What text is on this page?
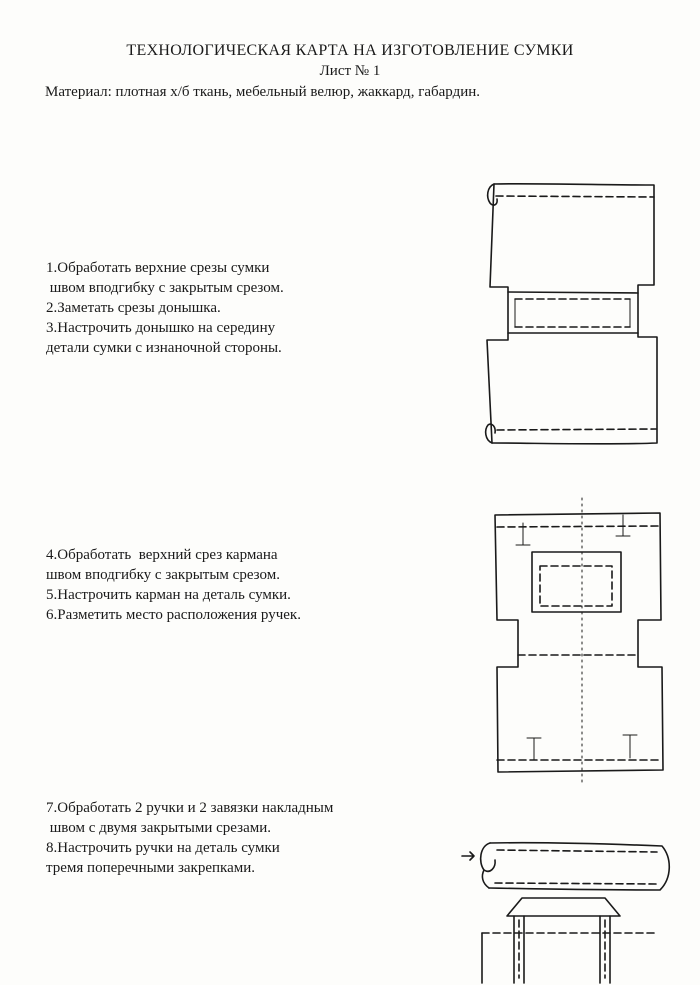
ТЕХНОЛОГИЧЕСКАЯ КАРТА НА ИЗГОТОВЛЕНИЕ СУМКИ
Лист № 1
Материал: плотная х/б ткань, мебельный велюр, жаккард, габардин.
1.Обработать верхние срезы сумки
швом вподгибку с закрытым срезом.
2.Заметать срезы донышка.
3.Настрочить донышко на середину
детали сумки с изнаночной стороны.
4.Обработать  верхний срез кармана
швом вподгибку с закрытым срезом.
5.Настрочить карман на деталь сумки.
6.Разметить место расположения ручек.
7.Обработать 2 ручки и 2 завязки накладным
швом с двумя закрытыми срезами.
8.Настрочить ручки на деталь сумки
тремя поперечными закрепками.
